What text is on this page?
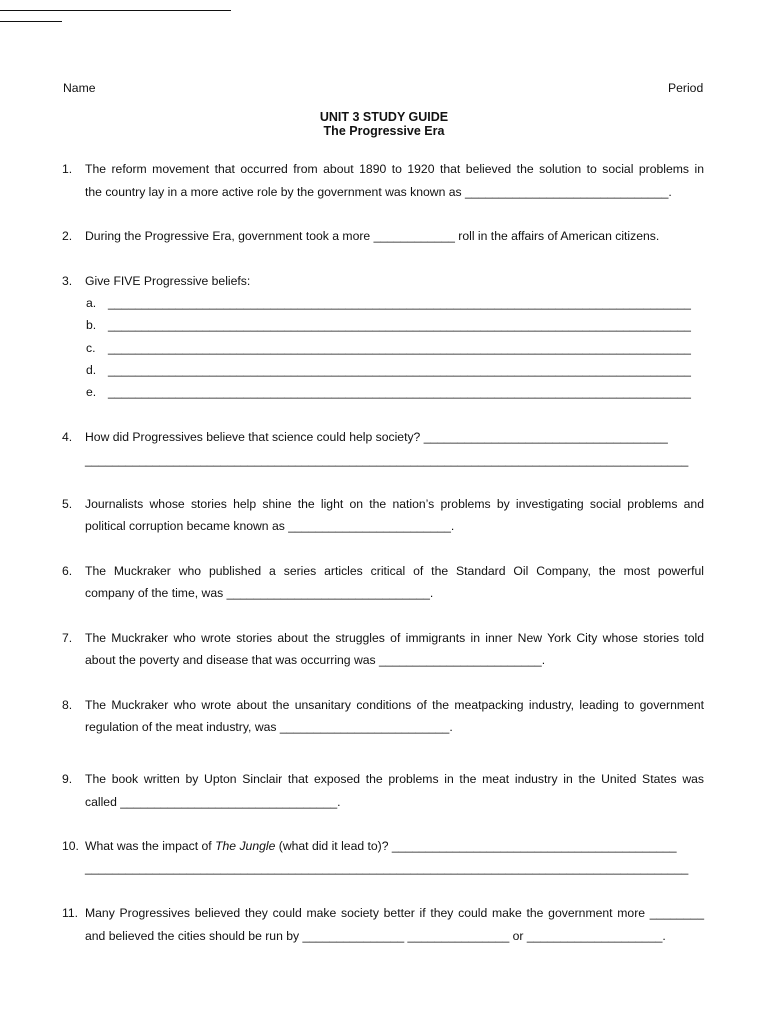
Name	Period
UNIT 3 STUDY GUIDE
The Progressive Era
1. The reform movement that occurred from about 1890 to 1920 that believed the solution to social problems in
the country lay in a more active role by the government was known as ______________________________.
2. During the Progressive Era, government took a more ____________ roll in the affairs of American citizens.
3. Give FIVE Progressive beliefs:
a. ______________________________________________________________________________________
b. ______________________________________________________________________________________
c. ______________________________________________________________________________________
d. ______________________________________________________________________________________
e. ______________________________________________________________________________________
4. How did Progressives believe that science could help society? ____________________________________
_________________________________________________________________________________________
5. Journalists whose stories help shine the light on the nation’s problems by investigating social problems and
political corruption became known as ________________________.
6. The Muckraker who published a series articles critical of the Standard Oil Company, the most powerful
company of the time, was ______________________________.
7. The Muckraker who wrote stories about the struggles of immigrants in inner New York City whose stories told
about the poverty and disease that was occurring was ________________________.
8. The Muckraker who wrote about the unsanitary conditions of the meatpacking industry, leading to government
regulation of the meat industry, was _________________________.
9. The book written by Upton Sinclair that exposed the problems in the meat industry in the United States was
called ________________________________.
10. What was the impact of The Jungle (what did it lead to)? __________________________________________
_________________________________________________________________________________________
11. Many Progressives believed they could make society better if they could make the government more ________
and believed the cities should be run by _______________ _______________ or ____________________.
